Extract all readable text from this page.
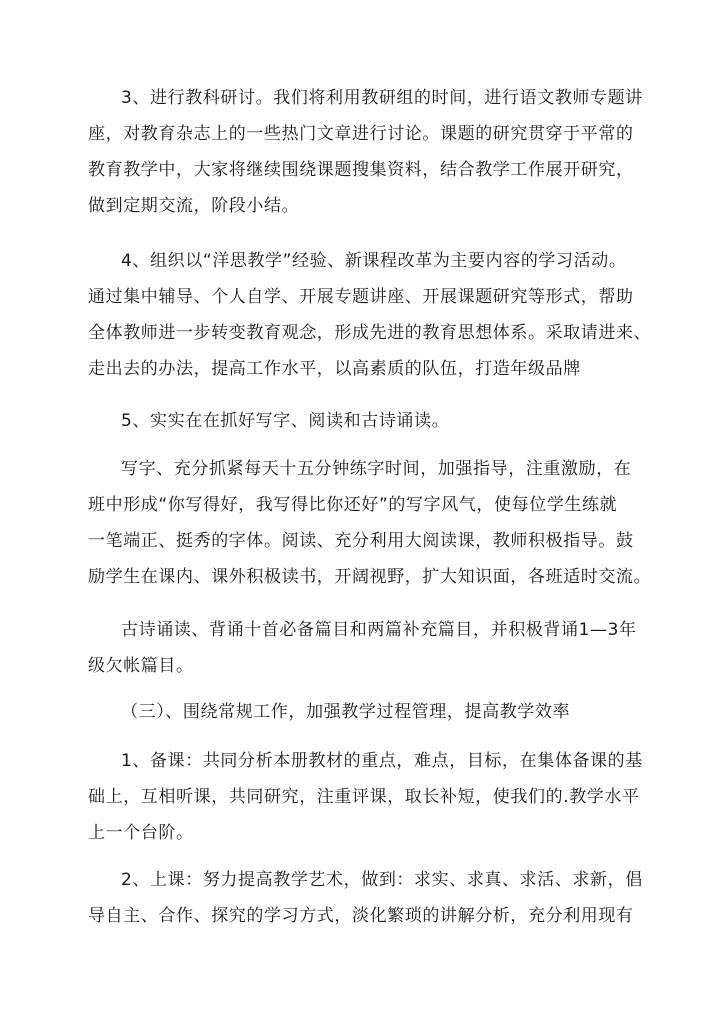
3、进行教科研讨。我们将利用教研组的时间，进行语文教师专题讲
座，对教育杂志上的一些热门文章进行讨论。课题的研究贯穿于平常的
教育教学中，大家将继续围绕课题搜集资料，结合教学工作展开研究，
做到定期交流，阶段小结。
4、组织以“洋思教学”经验、新课程改革为主要内容的学习活动。
通过集中辅导、个人自学、开展专题讲座、开展课题研究等形式，帮助
全体教师进一步转变教育观念，形成先进的教育思想体系。采取请进来、
走出去的办法，提高工作水平，以高素质的队伍，打造年级品牌
5、实实在在抓好写字、阅读和古诗诵读。
写字、充分抓紧每天十五分钟练字时间，加强指导，注重激励，在
班中形成“你写得好，我写得比你还好”的写字风气，使每位学生练就
一笔端正、挺秀的字体。阅读、充分利用大阅读课，教师积极指导。鼓
励学生在课内、课外积极读书，开阔视野，扩大知识面，各班适时交流。
古诗诵读、背诵十首必备篇目和两篇补充篇目，并积极背诵1—3年
级欠帐篇目。
（三）、围绕常规工作，加强教学过程管理，提高教学效率
1、备课：共同分析本册教材的重点，难点，目标，在集体备课的基
础上，互相听课，共同研究，注重评课，取长补短，使我们的.教学水平
上一个台阶。
2、上课：努力提高教学艺术，做到：求实、求真、求活、求新，倡
导自主、合作、探究的学习方式，淡化繁琐的讲解分析，充分利用现有
